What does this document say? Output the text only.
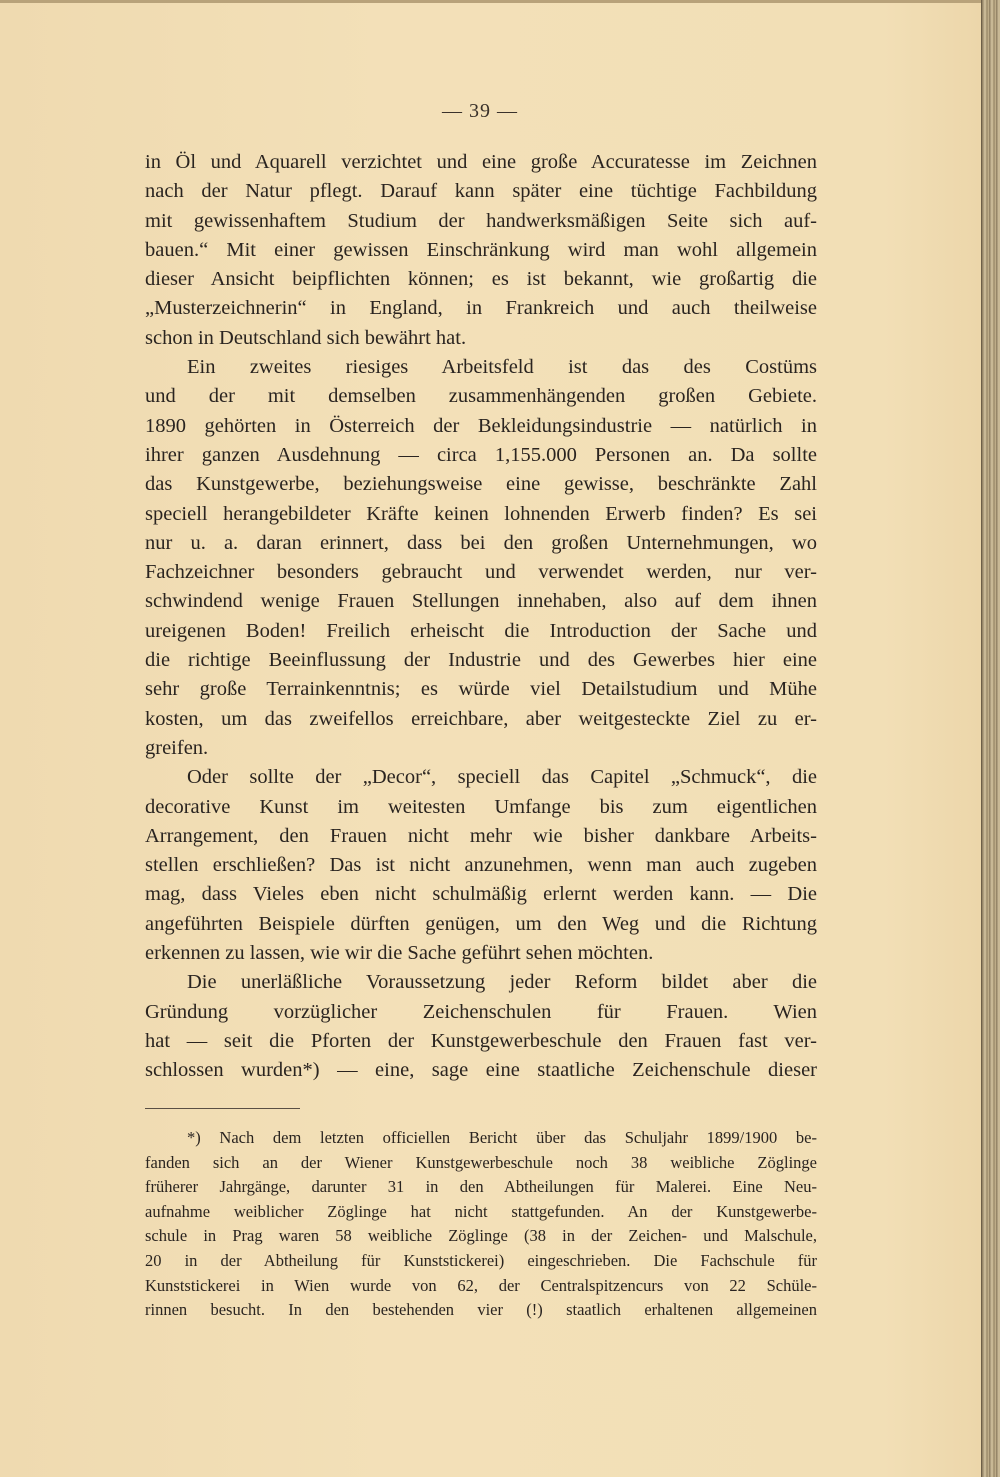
— 39 —
in Öl und Aquarell verzichtet und eine große Accuratesse im Zeichnen
nach der Natur pflegt. Darauf kann später eine tüchtige Fachbildung
mit gewissenhaftem Studium der handwerksmäßigen Seite sich auf-
bauen.“ Mit einer gewissen Einschränkung wird man wohl allgemein
dieser Ansicht beipflichten können; es ist bekannt, wie großartig die
„Musterzeichnerin“ in England, in Frankreich und auch theilweise
schon in Deutschland sich bewährt hat.
Ein zweites riesiges Arbeitsfeld ist das des Costüms
und der mit demselben zusammenhängenden großen Gebiete.
1890 gehörten in Österreich der Bekleidungsindustrie — natürlich in
ihrer ganzen Ausdehnung — circa 1,155.000 Personen an. Da sollte
das Kunstgewerbe, beziehungsweise eine gewisse, beschränkte Zahl
speciell herangebildeter Kräfte keinen lohnenden Erwerb finden? Es sei
nur u. a. daran erinnert, dass bei den großen Unternehmungen, wo
Fachzeichner besonders gebraucht und verwendet werden, nur ver-
schwindend wenige Frauen Stellungen innehaben, also auf dem ihnen
ureigenen Boden! Freilich erheischt die Introduction der Sache und
die richtige Beeinflussung der Industrie und des Gewerbes hier eine
sehr große Terrainkenntnis; es würde viel Detailstudium und Mühe
kosten, um das zweifellos erreichbare, aber weitgesteckte Ziel zu er-
greifen.
Oder sollte der „Decor“, speciell das Capitel „Schmuck“, die
decorative Kunst im weitesten Umfange bis zum eigentlichen
Arrangement, den Frauen nicht mehr wie bisher dankbare Arbeits-
stellen erschließen? Das ist nicht anzunehmen, wenn man auch zugeben
mag, dass Vieles eben nicht schulmäßig erlernt werden kann. — Die
angeführten Beispiele dürften genügen, um den Weg und die Richtung
erkennen zu lassen, wie wir die Sache geführt sehen möchten.
Die unerläßliche Voraussetzung jeder Reform bildet aber die
Gründung vorzüglicher Zeichenschulen für Frauen. Wien
hat — seit die Pforten der Kunstgewerbeschule den Frauen fast ver-
schlossen wurden*) — eine, sage eine staatliche Zeichenschule dieser
*) Nach dem letzten officiellen Bericht über das Schuljahr 1899/1900 be-
fanden sich an der Wiener Kunstgewerbeschule noch 38 weibliche Zöglinge
früherer Jahrgänge, darunter 31 in den Abtheilungen für Malerei. Eine Neu-
aufnahme weiblicher Zöglinge hat nicht stattgefunden. An der Kunstgewerbe-
schule in Prag waren 58 weibliche Zöglinge (38 in der Zeichen- und Malschule,
20 in der Abtheilung für Kunststickerei) eingeschrieben. Die Fachschule für
Kunststickerei in Wien wurde von 62, der Centralspitzencurs von 22 Schüle-
rinnen besucht. In den bestehenden vier (!) staatlich erhaltenen allgemeinen
